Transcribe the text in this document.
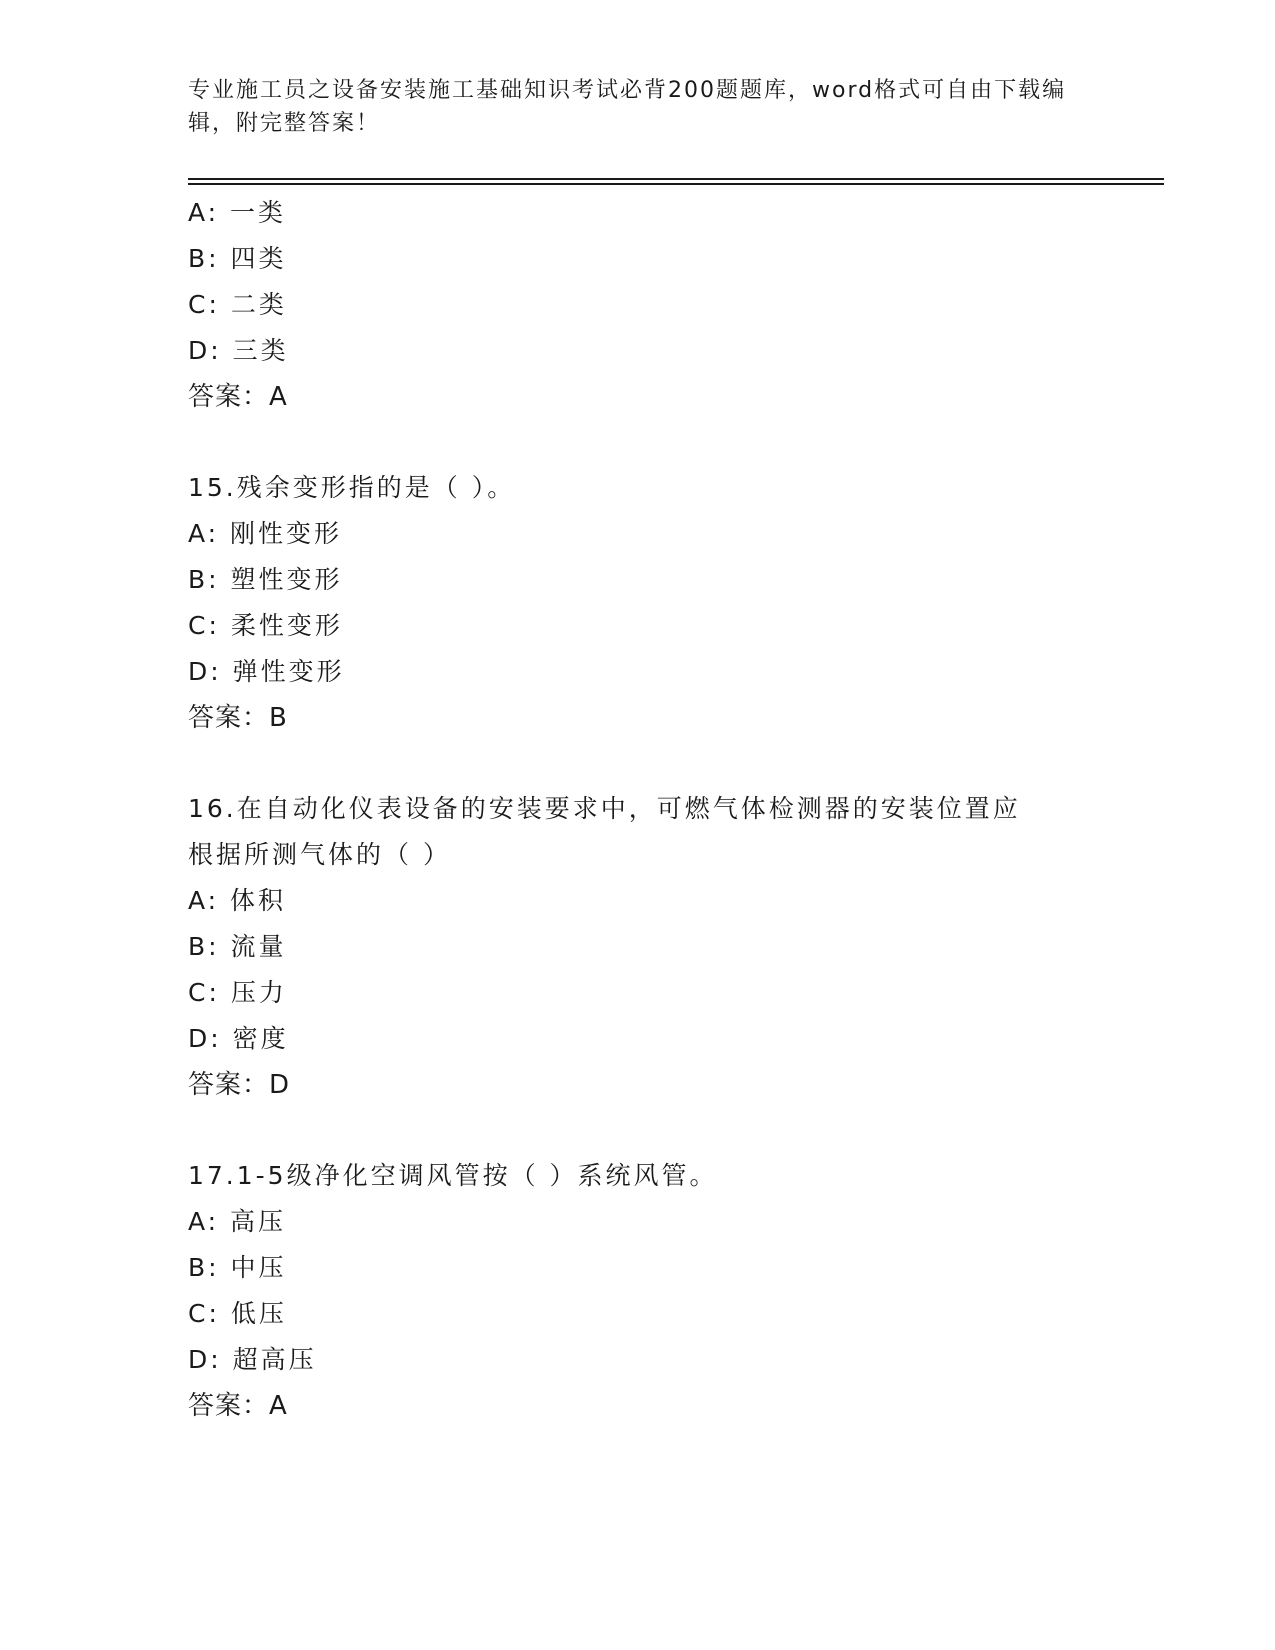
专业施工员之设备安装施工基础知识考试必背200题题库，word格式可自由下载编辑，附完整答案！
A: 一类
B: 四类
C: 二类
D: 三类
答案：A
15.残余变形指的是（ ）。
A: 刚性变形
B: 塑性变形
C: 柔性变形
D: 弹性变形
答案：B
16.在自动化仪表设备的安装要求中，可燃气体检测器的安装位置应根据所测气体的（ ）
A: 体积
B: 流量
C: 压力
D: 密度
答案：D
17.1-5级净化空调风管按（ ）系统风管。
A: 高压
B: 中压
C: 低压
D: 超高压
答案：A
